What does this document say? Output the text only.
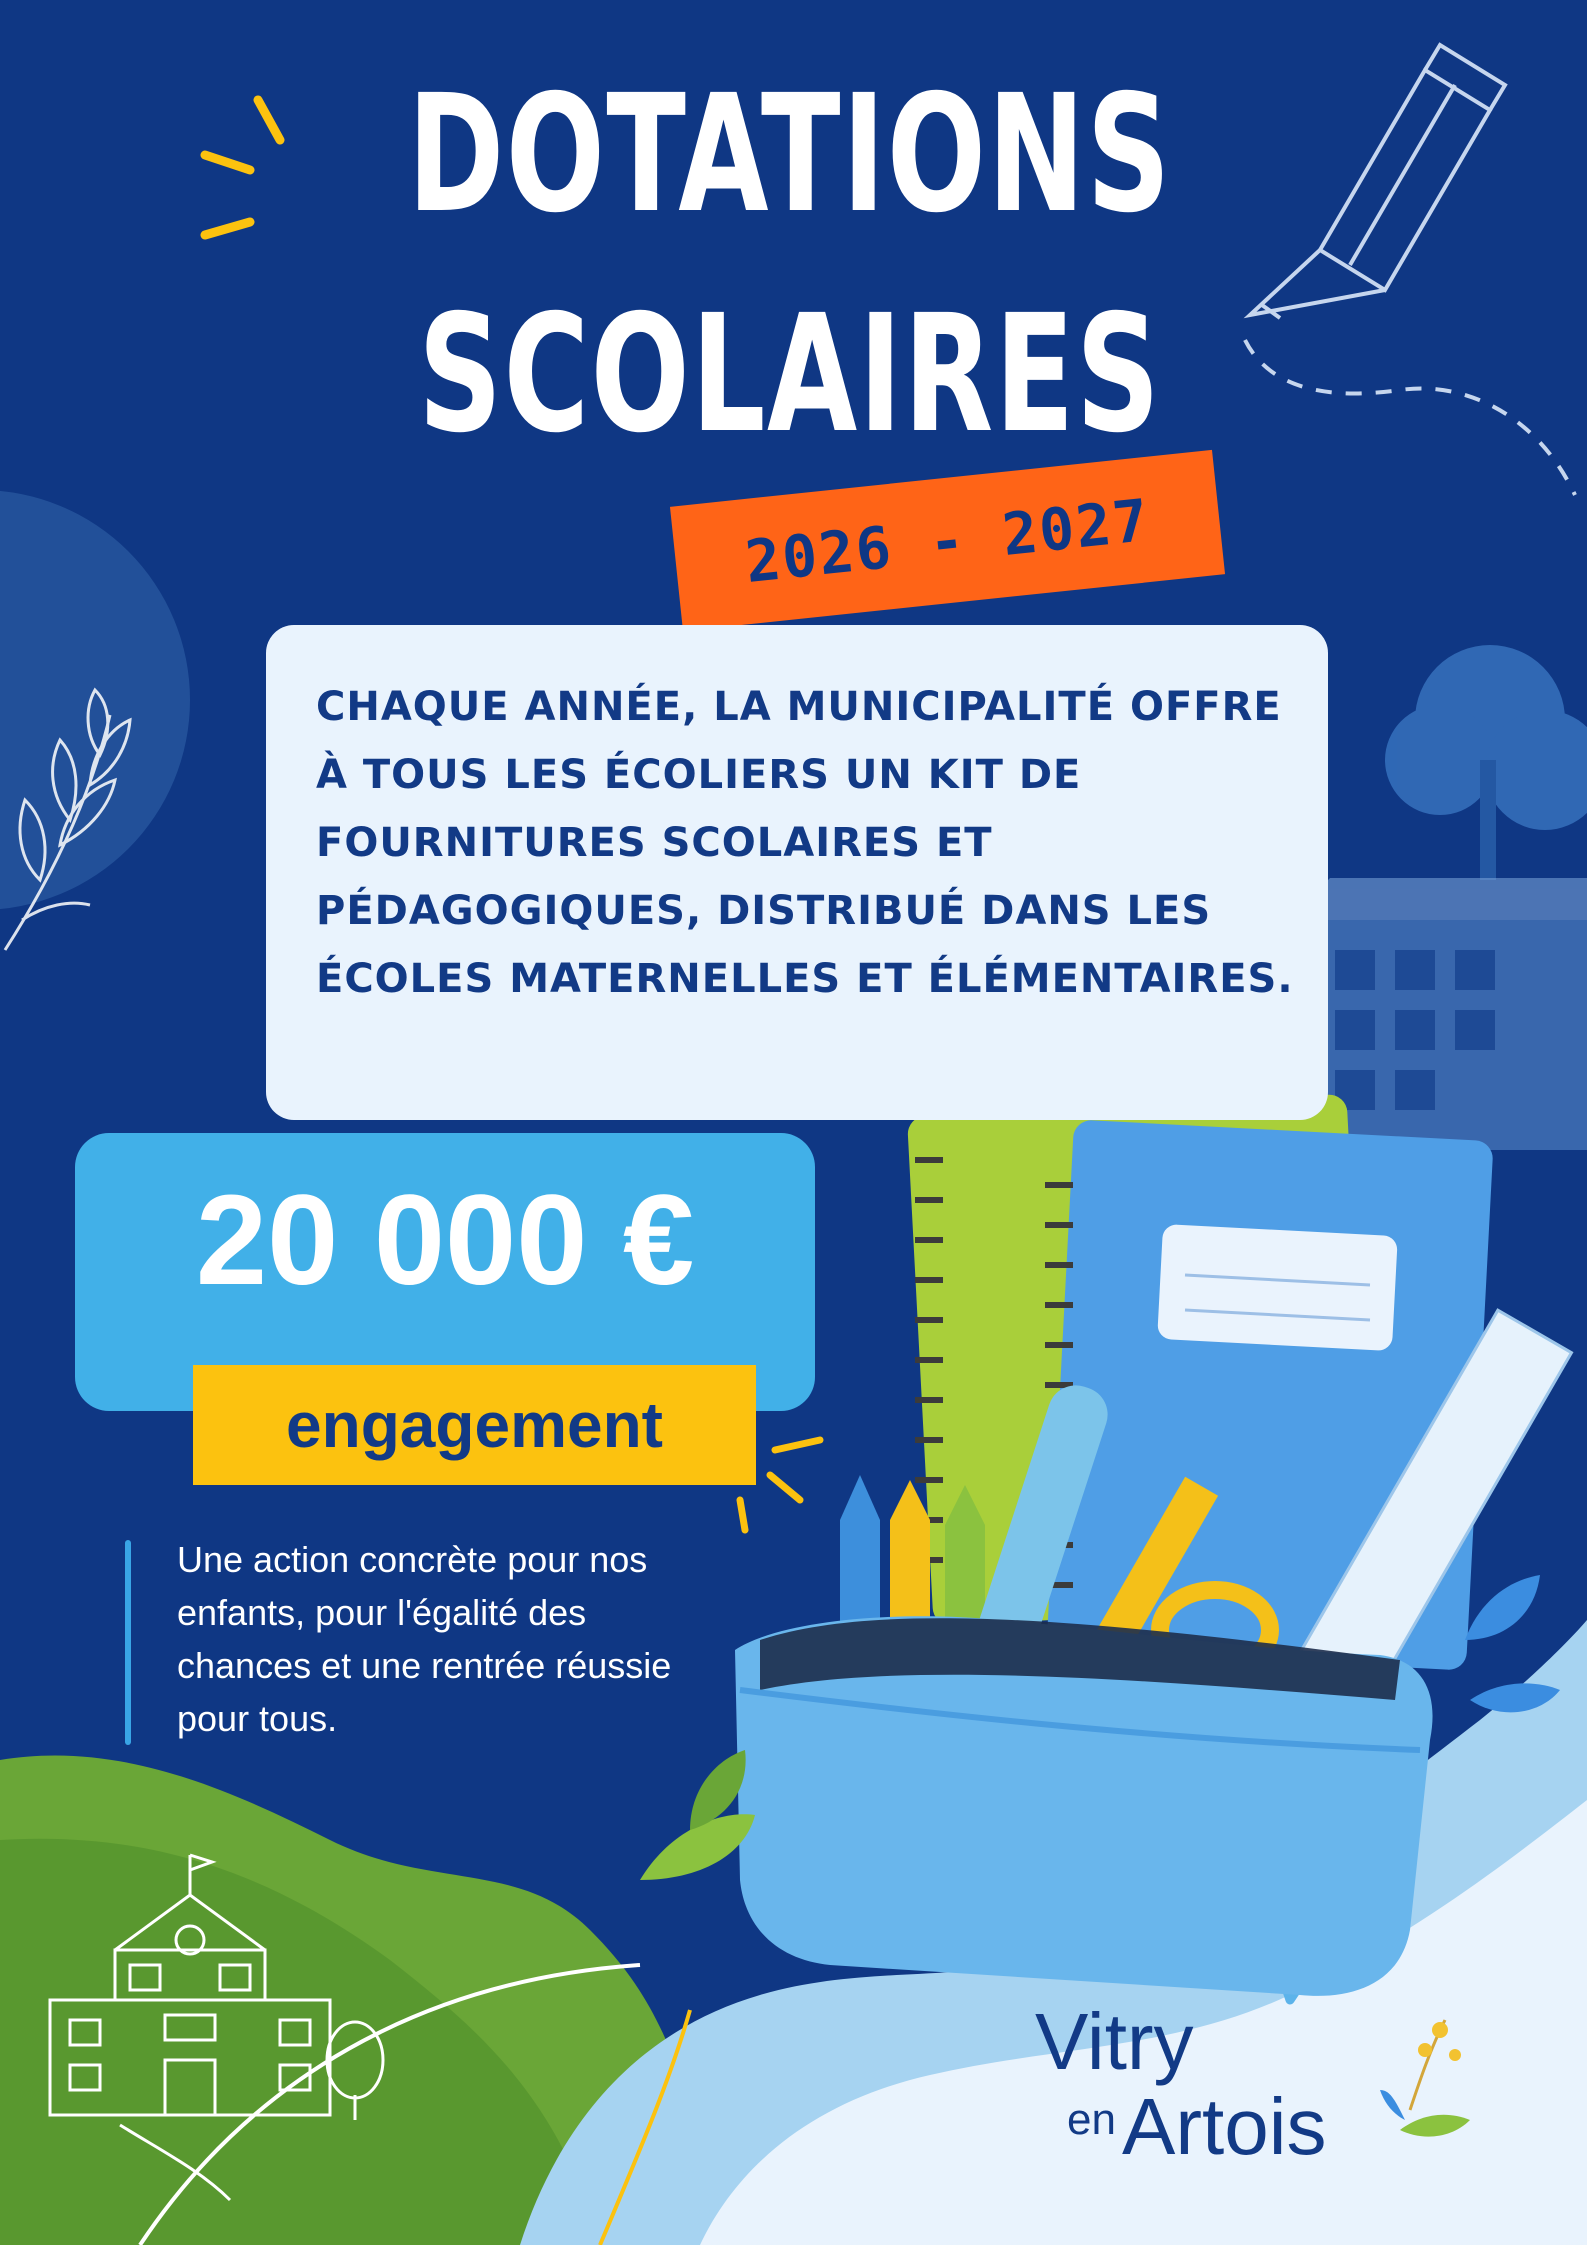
DOTATIONS
SCOLAIRES
2026 - 2027
CHAQUE ANNÉE, LA MUNICIPALITÉ OFFRE À TOUS LES ÉCOLIERS UN KIT DE FOURNITURES SCOLAIRES ET PÉDAGOGIQUES, DISTRIBUÉ DANS LES ÉCOLES MATERNELLES ET ÉLÉMENTAIRES.
20 000 €
engagement
Une action concrète pour nos enfants, pour l'égalité des chances et une rentrée réussie pour tous.
Vitry
en Artois
